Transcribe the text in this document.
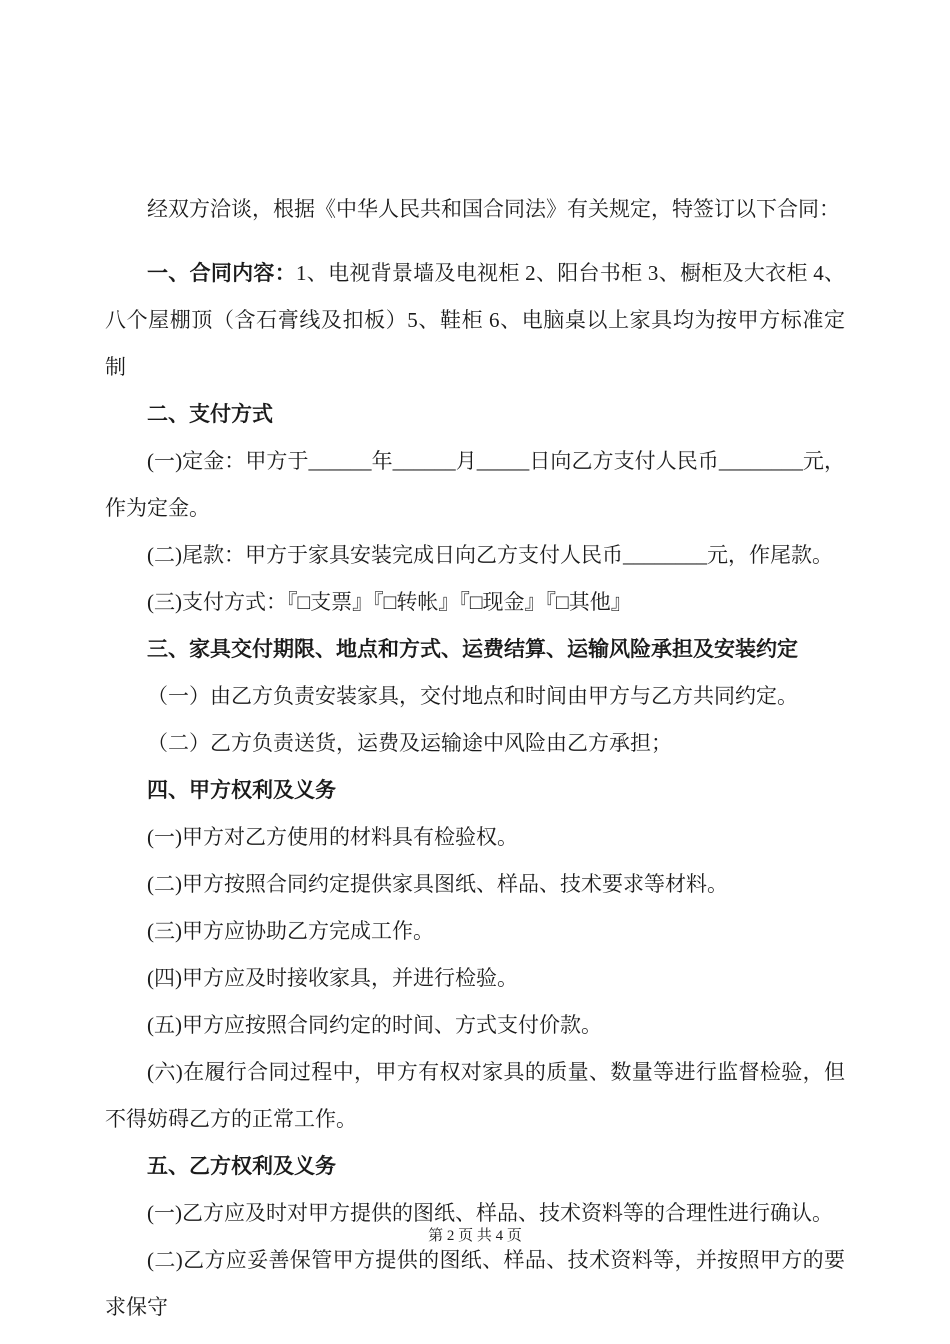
经双方洽谈，根据《中华人民共和国合同法》有关规定，特签订以下合同：

一、合同内容：1、电视背景墙及电视柜 2、阳台书柜 3、橱柜及大衣柜 4、八个屋棚顶（含石膏线及扣板）5、鞋柜 6、电脑桌以上家具均为按甲方标准定制

二、支付方式

(一)定金：甲方于______年______月_____日向乙方支付人民币________元，作为定金。

(二)尾款：甲方于家具安装完成日向乙方支付人民币________元，作尾款。

(三)支付方式：『□支票』『□转帐』『□现金』『□其他』

三、家具交付期限、地点和方式、运费结算、运输风险承担及安装约定

（一）由乙方负责安装家具，交付地点和时间由甲方与乙方共同约定。

（二）乙方负责送货，运费及运输途中风险由乙方承担；

四、甲方权利及义务

(一)甲方对乙方使用的材料具有检验权。

(二)甲方按照合同约定提供家具图纸、样品、技术要求等材料。

(三)甲方应协助乙方完成工作。

(四)甲方应及时接收家具，并进行检验。

(五)甲方应按照合同约定的时间、方式支付价款。

(六)在履行合同过程中，甲方有权对家具的质量、数量等进行监督检验，但不得妨碍乙方的正常工作。

五、乙方权利及义务

(一)乙方应及时对甲方提供的图纸、样品、技术资料等的合理性进行确认。

(二)乙方应妥善保管甲方提供的图纸、样品、技术资料等，并按照甲方的要求保守

第 2 页 共 4 页
